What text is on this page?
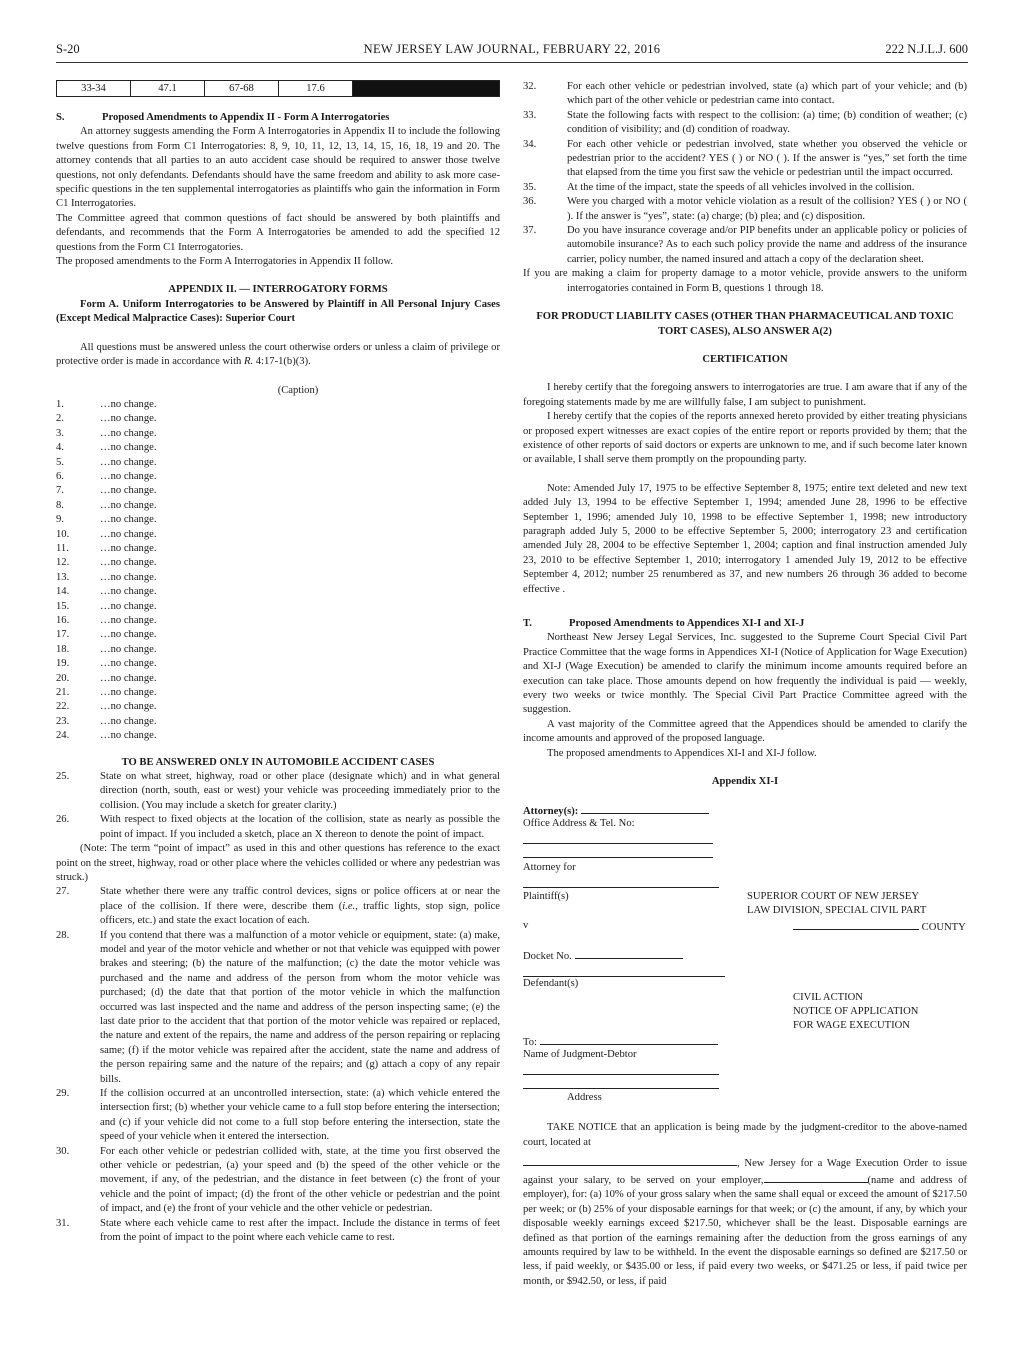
S-20	NEW JERSEY LAW JOURNAL, FEBRUARY 22, 2016	222 N.J.L.J. 600
33-34	47.1	67-68	17.6
S.	Proposed Amendments to Appendix II - Form A Interrogatories

An attorney suggests amending the Form A Interrogatories in Appendix II to include the following twelve questions from Form C1 Interrogatories: 8, 9, 10, 11, 12, 13, 14, 15, 16, 18, 19 and 20. The attorney contends that all parties to an auto accident case should be required to answer those twelve questions, not only defendants. Defendants should have the same freedom and ability to ask more case-specific questions in the ten supplemental interrogatories as plaintiffs who gain the information in Form C1 Interrogatories.

The Committee agreed that common questions of fact should be answered by both plaintiffs and defendants, and recommends that the Form A Interrogatories be amended to add the specified 12 questions from the Form C1 Interrogatories.

The proposed amendments to the Form A Interrogatories in Appendix II follow.

APPENDIX II. — INTERROGATORY FORMS

Form A. Uniform Interrogatories to be Answered by Plaintiff in All Personal Injury Cases (Except Medical Malpractice Cases): Superior Court

All questions must be answered unless the court otherwise orders or unless a claim of privilege or protective order is made in accordance with R. 4:17-1(b)(3).

(Caption)
1.	…no change.
2.	…no change.
3.	…no change.
4.	…no change.
5.	…no change.
6.	…no change.
7.	…no change.
8.	…no change.
9.	…no change.
10.	…no change.
11.	…no change.
12.	…no change.
13.	…no change.
14.	…no change.
15.	…no change.
16.	…no change.
17.	…no change.
18.	…no change.
19.	…no change.
20.	…no change.
21.	…no change.
22.	…no change.
23.	…no change.
24.	…no change.
TO BE ANSWERED ONLY IN AUTOMOBILE ACCIDENT CASES
25.	State on what street, highway, road or other place (designate which) and in what general direction (north, south, east or west) your vehicle was proceeding immediately prior to the collision. (You may include a sketch for greater clarity.)
26.	With respect to fixed objects at the location of the collision, state as nearly as possible the point of impact. If you included a sketch, place an X thereon to denote the point of impact.

(Note: The term “point of impact” as used in this and other questions has reference to the exact point on the street, highway, road or other place where the vehicles collided or where any pedestrian was struck.)

27.	State whether there were any traffic control devices, signs or police officers at or near the place of the collision. If there were, describe them (i.e., traffic lights, stop sign, police officers, etc.) and state the exact location of each.
28.	If you contend that there was a malfunction of a motor vehicle or equipment, state: (a) make, model and year of the motor vehicle and whether or not that vehicle was equipped with power brakes and steering; (b) the nature of the malfunction; (c) the date the motor vehicle was purchased and the name and address of the person from whom the motor vehicle was purchased; (d) the date that that portion of the motor vehicle in which the malfunction occurred was last inspected and the name and address of the person inspecting same; (e) the last date prior to the accident that that portion of the motor vehicle was repaired or replaced, the nature and extent of the repairs, the name and address of the person repairing or replacing same; (f) if the motor vehicle was repaired after the accident, state the name and address of the person repairing same and the nature of the repairs; and (g) attach a copy of any repair bills.
29.	If the collision occurred at an uncontrolled intersection, state: (a) which vehicle entered the intersection first; (b) whether your vehicle came to a full stop before entering the intersection; and (c) if your vehicle did not come to a full stop before entering the intersection, state the speed of your vehicle when it entered the intersection.
30.	For each other vehicle or pedestrian collided with, state, at the time you first observed the other vehicle or pedestrian, (a) your speed and (b) the speed of the other vehicle or the movement, if any, of the pedestrian, and the distance in feet between (c) the front of your vehicle and the point of impact; (d) the front of the other vehicle or pedestrian and the point of impact, and (e) the front of your vehicle and the other vehicle or pedestrian.
31.	State where each vehicle came to rest after the impact. Include the distance in terms of feet from the point of impact to the point where each vehicle came to rest.
32.	For each other vehicle or pedestrian involved, state (a) which part of your vehicle; and (b) which part of the other vehicle or pedestrian came into contact.
33.	State the following facts with respect to the collision: (a) time; (b) condition of weather; (c) condition of visibility; and (d) condition of roadway.
34.	For each other vehicle or pedestrian involved, state whether you observed the vehicle or pedestrian prior to the accident? YES ( ) or NO ( ). If the answer is “yes,” set forth the time that elapsed from the time you first saw the vehicle or pedestrian until the impact occurred.
35.	At the time of the impact, state the speeds of all vehicles involved in the collision.
36.	Were you charged with a motor vehicle violation as a result of the collision? YES ( ) or NO ( ). If the answer is “yes”, state: (a) charge; (b) plea; and (c) disposition.
37.	Do you have insurance coverage and/or PIP benefits under an applicable policy or policies of automobile insurance? As to each such policy provide the name and address of the insurance carrier, policy number, the named insured and attach a copy of the declaration sheet.

If you are making a claim for property damage to a motor vehicle, provide answers to the uniform interrogatories contained in Form B, questions 1 through 18.

FOR PRODUCT LIABILITY CASES (OTHER THAN PHARMACEUTICAL AND TOXIC TORT CASES), ALSO ANSWER A(2)
CERTIFICATION

I hereby certify that the foregoing answers to interrogatories are true. I am aware that if any of the foregoing statements made by me are willfully false, I am subject to punishment.

I hereby certify that the copies of the reports annexed hereto provided by either treating physicians or proposed expert witnesses are exact copies of the entire report or reports provided by them; that the existence of other reports of said doctors or experts are unknown to me, and if such become later known or available, I shall serve them promptly on the propounding party.

Note: Amended July 17, 1975 to be effective September 8, 1975; entire text deleted and new text added July 13, 1994 to be effective September 1, 1994; amended June 28, 1996 to be effective September 1, 1996; amended July 10, 1998 to be effective September 1, 1998; new introductory paragraph added July 5, 2000 to be effective September 5, 2000; interrogatory 23 and certification amended July 28, 2004 to be effective September 1, 2004; caption and final instruction amended July 23, 2010 to be effective September 1, 2010; interrogatory 1 amended July 19, 2012 to be effective September 4, 2012; number 25 renumbered as 37, and new numbers 26 through 36 added to become effective .

T.	Proposed Amendments to Appendices XI-I and XI-J

Northeast New Jersey Legal Services, Inc. suggested to the Supreme Court Special Civil Part Practice Committee that the wage forms in Appendices XI-I (Notice of Application for Wage Execution) and XI-J (Wage Execution) be amended to clarify the minimum income amounts required before an execution can take place. Those amounts depend on how frequently the individual is paid — weekly, every two weeks or twice monthly. The Special Civil Part Practice Committee agreed with the suggestion.

A vast majority of the Committee agreed that the Appendices should be amended to clarify the income amounts and approved of the proposed language.

The proposed amendments to Appendices XI-I and XI-J follow.

Appendix XI-I
Attorney(s):
Office Address & Tel. No:
Attorney for
Plaintiff(s)	SUPERIOR COURT OF NEW JERSEY
LAW DIVISION, SPECIAL CIVIL PART
v	COUNTY
Docket No.
Defendant(s)
CIVIL ACTION
NOTICE OF APPLICATION
FOR WAGE EXECUTION
To:
Name of Judgment-Debtor
Address

TAKE NOTICE that an application is being made by the judgment-creditor to the above-named court, located at

, New Jersey for a Wage Execution Order to issue against your salary, to be served on your employer,	(name and address of employer), for: (a) 10% of your gross salary when the same shall equal or exceed the amount of $217.50 per week; or (b) 25% of your disposable earnings for that week; or (c) the amount, if any, by which your disposable weekly earnings exceed $217.50, whichever shall be the least. Disposable earnings are defined as that portion of the earnings remaining after the deduction from the gross earnings of any amounts required by law to be withheld. In the event the disposable earnings so defined are $217.50 or less, if paid weekly, or $435.00 or less, if paid every two weeks, or $471.25 or less, if paid twice per month, or $942.50, or less, if paid
